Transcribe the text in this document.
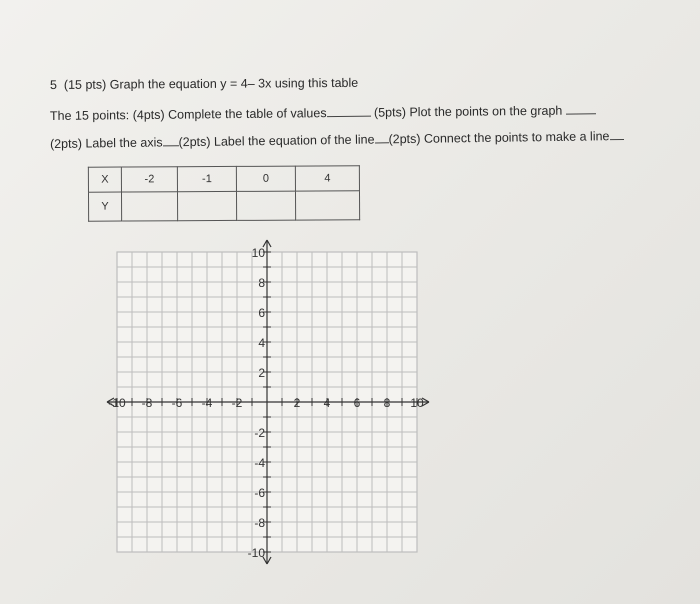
5 (15 pts) Graph the equation y = 4– 3x using this table
The 15 points: (4pts) Complete the table of values	(5pts) Plot the points on the graph
(2pts) Label the axis (2pts) Label the equation of the line (2pts) Connect the points to make a line
X	-2	-1	0	4
Y				
-10 -8 -6 -4 -2	2 4 6 8 10
10
8
6
4
2
-2
-4
-6
-8
-10
